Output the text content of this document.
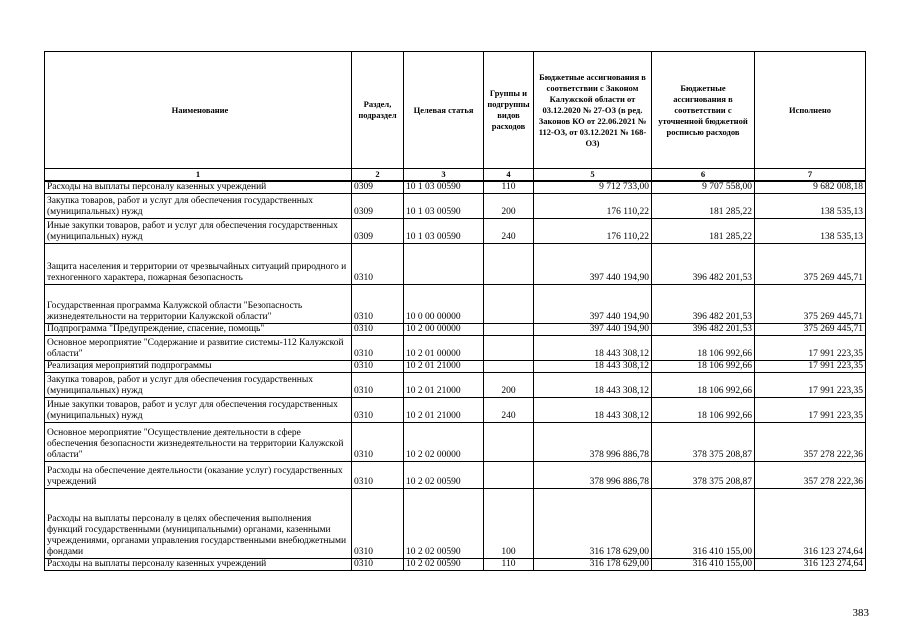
Наименование	Раздел, подраздел	Целевая статья	Группы и подгруппы видов расходов	Бюджетные ассигнования в соответствии с Законом Калужской области от 03.12.2020 № 27-ОЗ (в ред. Законов КО от 22.06.2021 № 112-ОЗ, от 03.12.2021 № 168-ОЗ)	Бюджетные ассигнования в соответствии с уточненной бюджетной росписью расходов	Исполнено
1	2	3	4	5	6	7
Расходы на выплаты персоналу казенных учреждений	0309	10 1 03 00590	110	9 712 733,00	9 707 558,00	9 682 008,18
Закупка товаров, работ и услуг для обеспечения государственных (муниципальных) нужд	0309	10 1 03 00590	200	176 110,22	181 285,22	138 535,13
Иные закупки товаров, работ и услуг для обеспечения государственных (муниципальных) нужд	0309	10 1 03 00590	240	176 110,22	181 285,22	138 535,13
Защита населения и территории от чрезвычайных ситуаций природного и техногенного характера, пожарная безопасность	0310			397 440 194,90	396 482 201,53	375 269 445,71
Государственная программа Калужской области "Безопасность жизнедеятельности на территории Калужской области"	0310	10 0 00 00000		397 440 194,90	396 482 201,53	375 269 445,71
Подпрограмма "Предупреждение, спасение, помощь"	0310	10 2 00 00000		397 440 194,90	396 482 201,53	375 269 445,71
Основное мероприятие "Содержание и развитие системы-112 Калужской области"	0310	10 2 01 00000		18 443 308,12	18 106 992,66	17 991 223,35
Реализация мероприятий подпрограммы	0310	10 2 01 21000		18 443 308,12	18 106 992,66	17 991 223,35
Закупка товаров, работ и услуг для обеспечения государственных (муниципальных) нужд	0310	10 2 01 21000	200	18 443 308,12	18 106 992,66	17 991 223,35
Иные закупки товаров, работ и услуг для обеспечения государственных (муниципальных) нужд	0310	10 2 01 21000	240	18 443 308,12	18 106 992,66	17 991 223,35
Основное мероприятие "Осуществление деятельности в сфере обеспечения безопасности жизнедеятельности на территории Калужской области"	0310	10 2 02 00000		378 996 886,78	378 375 208,87	357 278 222,36
Расходы на обеспечение деятельности (оказание услуг) государственных учреждений	0310	10 2 02 00590		378 996 886,78	378 375 208,87	357 278 222,36
Расходы на выплаты персоналу в целях обеспечения выполнения функций государственными (муниципальными) органами, казенными учреждениями, органами управления государственными внебюджетными фондами	0310	10 2 02 00590	100	316 178 629,00	316 410 155,00	316 123 274,64
Расходы на выплаты персоналу казенных учреждений	0310	10 2 02 00590	110	316 178 629,00	316 410 155,00	316 123 274,64
383
